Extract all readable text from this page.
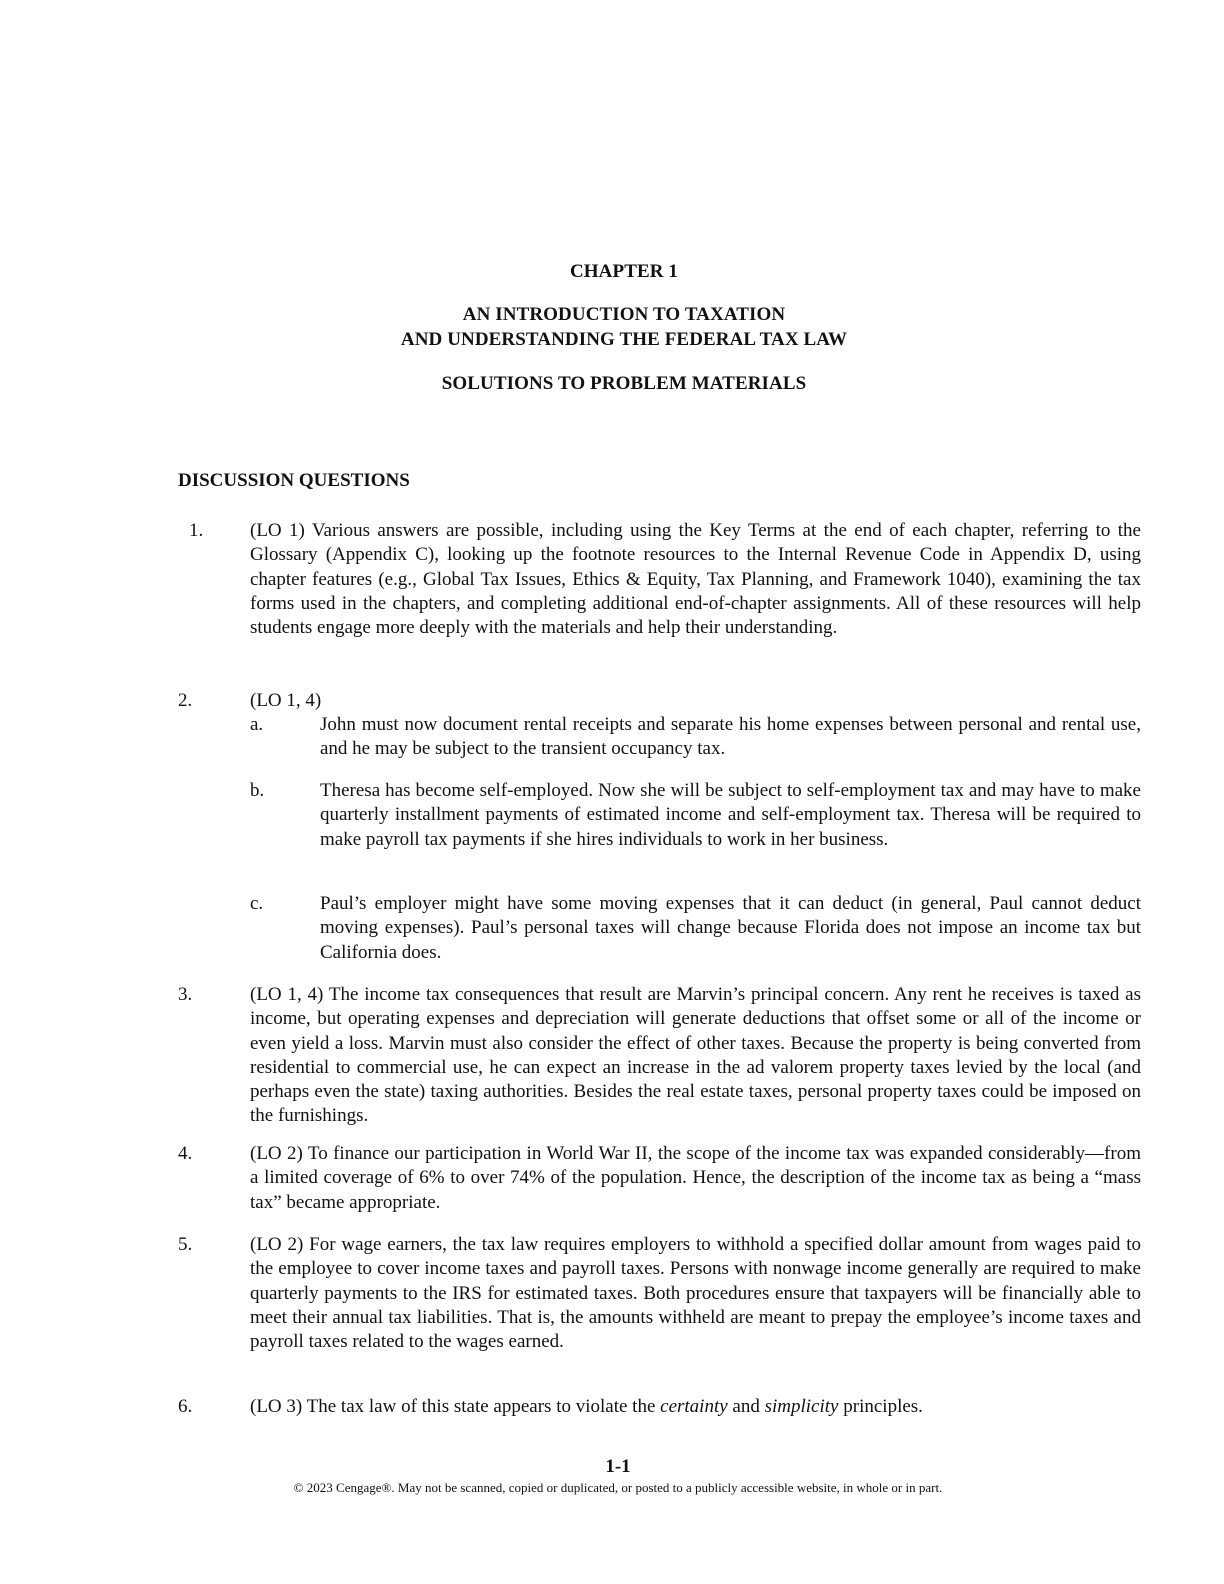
CHAPTER 1
AN INTRODUCTION TO TAXATION
AND UNDERSTANDING THE FEDERAL TAX LAW
SOLUTIONS TO PROBLEM MATERIALS
DISCUSSION QUESTIONS
1.	(LO 1) Various answers are possible, including using the Key Terms at the end of each chapter, referring to the Glossary (Appendix C), looking up the footnote resources to the Internal Revenue Code in Appendix D, using chapter features (e.g., Global Tax Issues, Ethics & Equity, Tax Planning, and Framework 1040), examining the tax forms used in the chapters, and completing additional end-of-chapter assignments. All of these resources will help students engage more deeply with the materials and help their understanding.
2.	(LO 1, 4)
a.	John must now document rental receipts and separate his home expenses between personal and rental use, and he may be subject to the transient occupancy tax.
b.	Theresa has become self-employed. Now she will be subject to self-employment tax and may have to make quarterly installment payments of estimated income and self-employment tax. Theresa will be required to make payroll tax payments if she hires individuals to work in her business.
c.	Paul’s employer might have some moving expenses that it can deduct (in general, Paul cannot deduct moving expenses). Paul’s personal taxes will change because Florida does not impose an income tax but California does.
3.	(LO 1, 4) The income tax consequences that result are Marvin’s principal concern. Any rent he receives is taxed as income, but operating expenses and depreciation will generate deductions that offset some or all of the income or even yield a loss. Marvin must also consider the effect of other taxes. Because the property is being converted from residential to commercial use, he can expect an increase in the ad valorem property taxes levied by the local (and perhaps even the state) taxing authorities. Besides the real estate taxes, personal property taxes could be imposed on the furnishings.
4.	(LO 2) To finance our participation in World War II, the scope of the income tax was expanded considerably—from a limited coverage of 6% to over 74% of the population. Hence, the description of the income tax as being a “mass tax” became appropriate.
5.	(LO 2) For wage earners, the tax law requires employers to withhold a specified dollar amount from wages paid to the employee to cover income taxes and payroll taxes. Persons with nonwage income generally are required to make quarterly payments to the IRS for estimated taxes. Both procedures ensure that taxpayers will be financially able to meet their annual tax liabilities. That is, the amounts withheld are meant to prepay the employee’s income taxes and payroll taxes related to the wages earned.
6.	(LO 3) The tax law of this state appears to violate the certainty and simplicity principles.
1-1
© 2023 Cengage®. May not be scanned, copied or duplicated, or posted to a publicly accessible website, in whole or in part.
